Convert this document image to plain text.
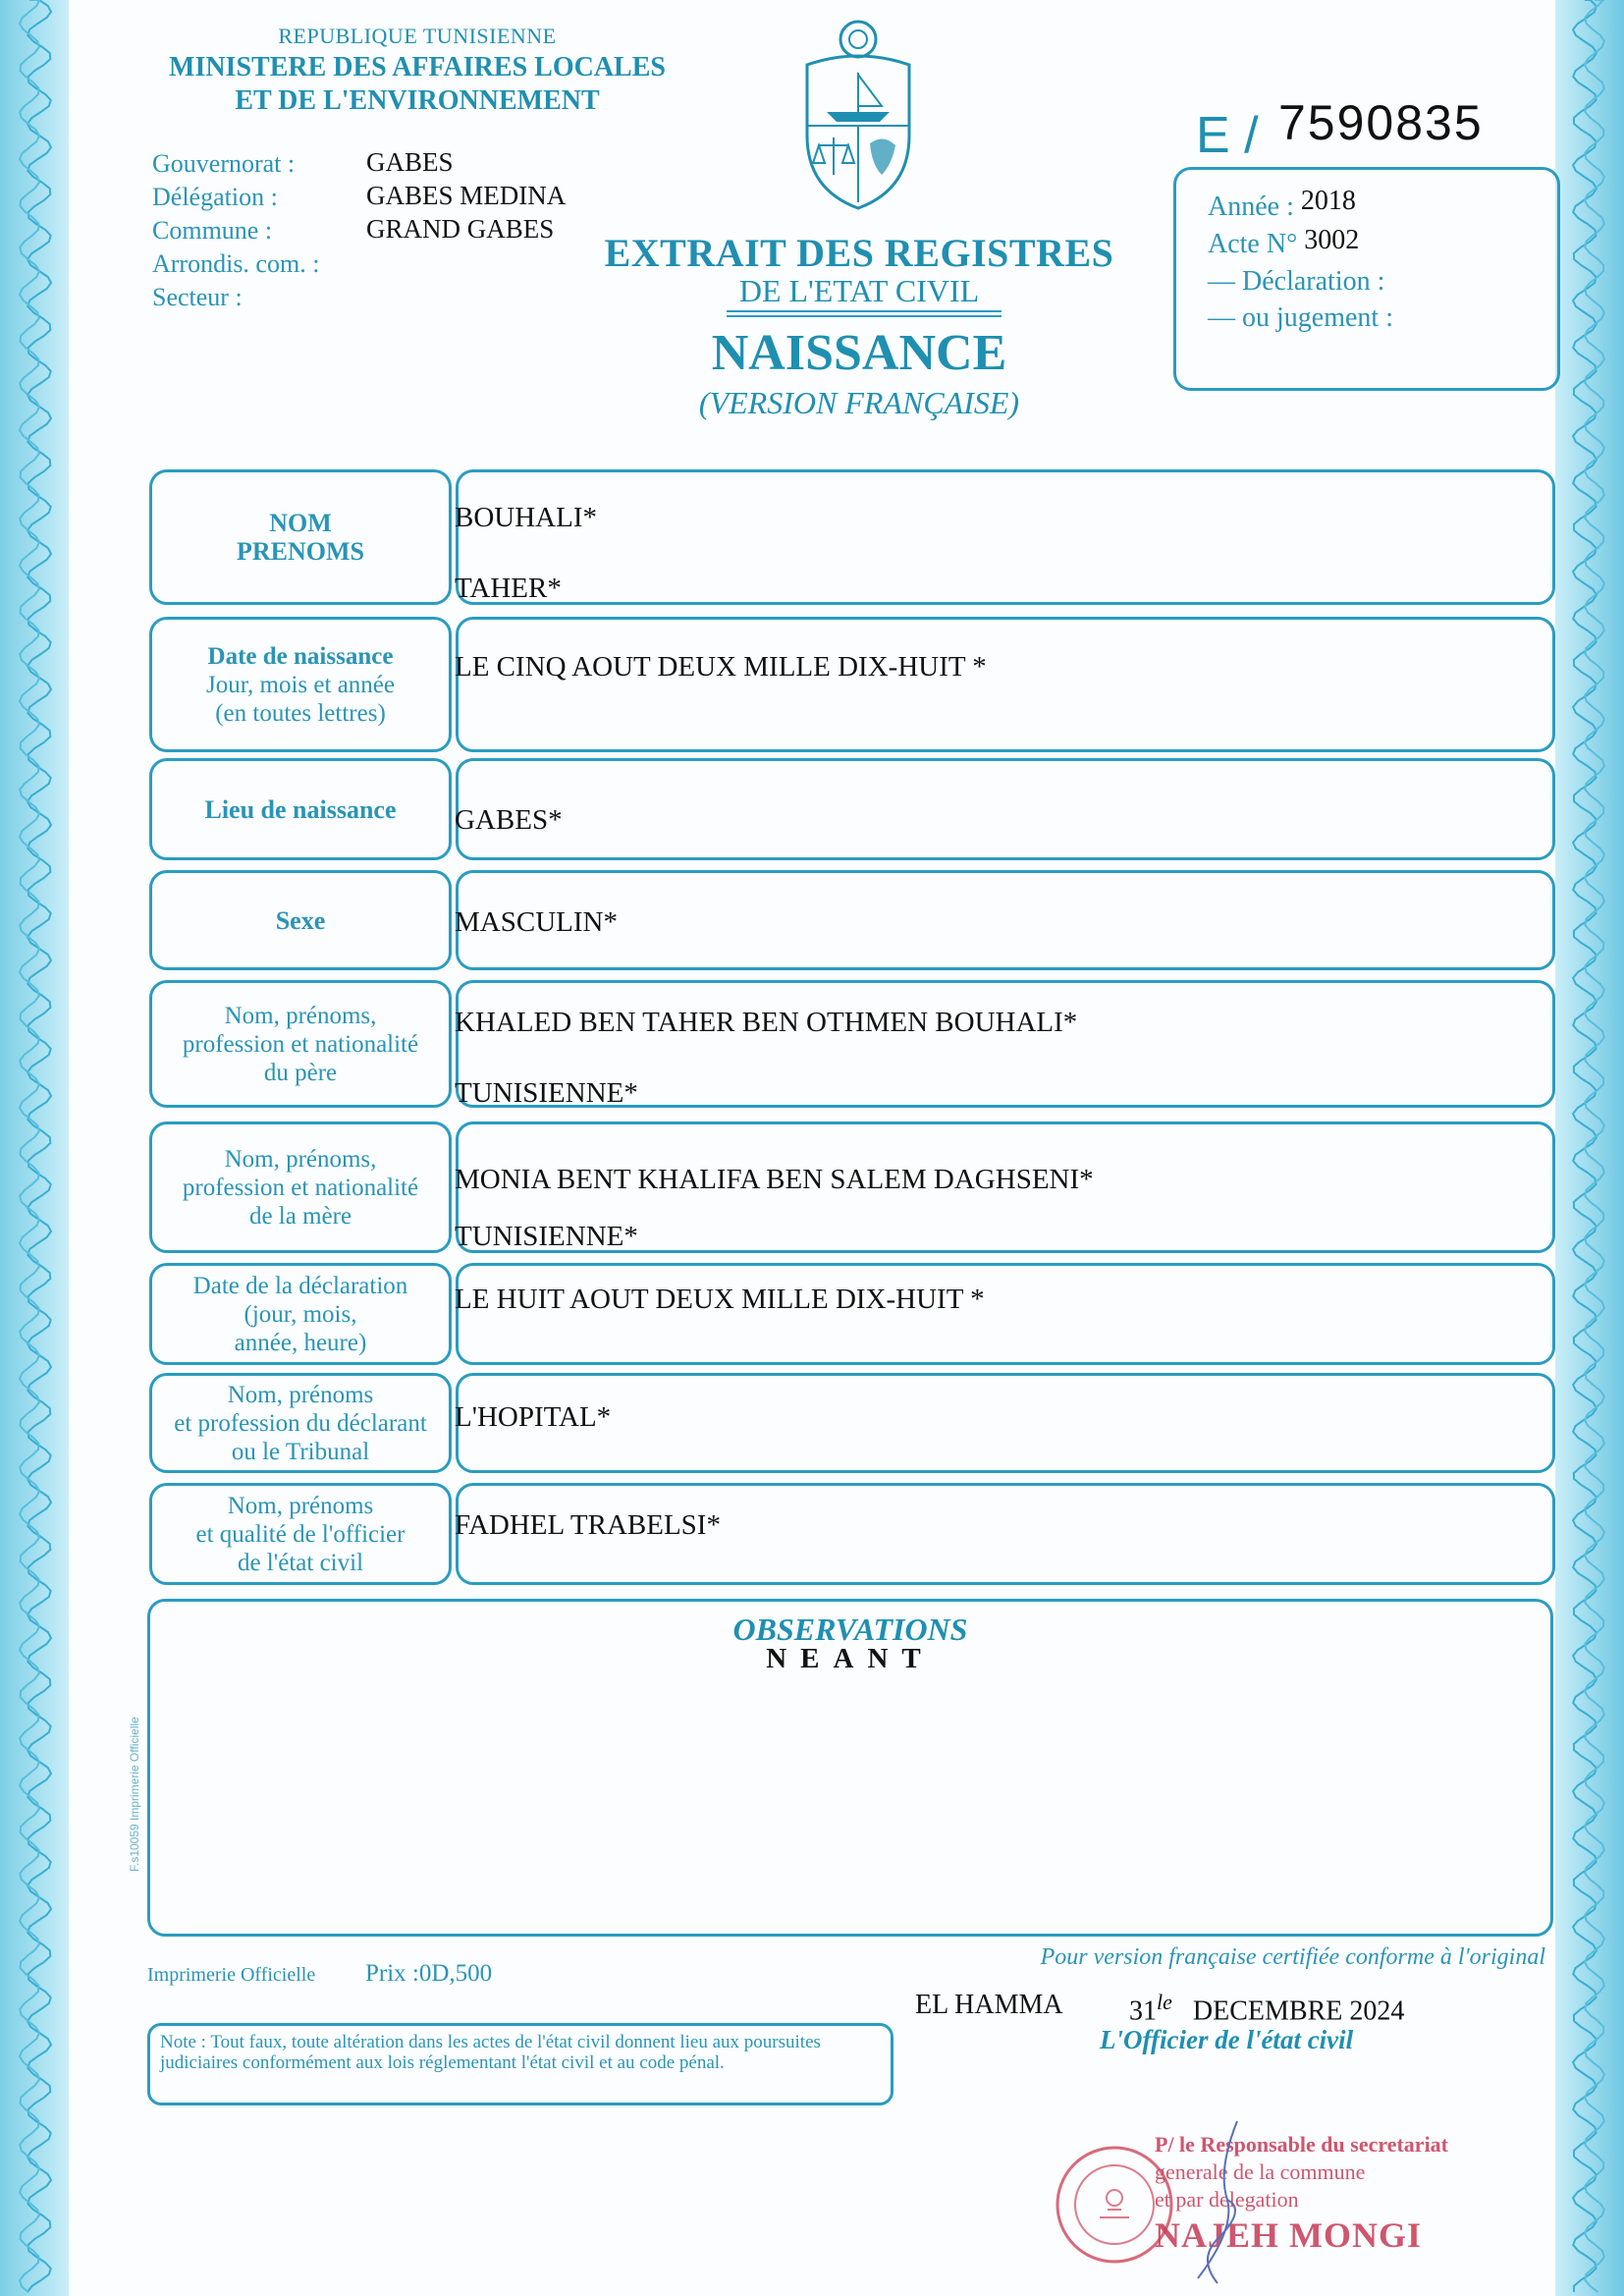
REPUBLIQUE TUNISIENNE
MINISTERE DES AFFAIRES LOCALES
ET DE L'ENVIRONNEMENT
Gouvernorat :
Délégation :
Commune :
Arrondis. com. :
Secteur :
GABES
GABES MEDINA
GRAND GABES
E / 7590835
Année : 2018
Acte N° 3002
— Déclaration :
— ou jugement :
EXTRAIT DES REGISTRES
DE L'ETAT CIVIL
NAISSANCE
(VERSION FRANÇAISE)
NOM
PRENOMS
BOUHALI*
TAHER*
Date de naissance
Jour, mois et année
(en toutes lettres)
LE CINQ AOUT DEUX MILLE DIX-HUIT *
Lieu de naissance GABES*
Sexe	MASCULIN*
Nom, prénoms,
profession et nationalité
du père
KHALED BEN TAHER BEN OTHMEN BOUHALI*
TUNISIENNE*
Nom, prénoms,
profession et nationalité
de la mère
MONIA BENT KHALIFA BEN SALEM DAGHSENI*
TUNISIENNE*
Date de la déclaration
(jour, mois,
année, heure)
LE HUIT AOUT DEUX MILLE DIX-HUIT *
Nom, prénoms
et profession du déclarant
ou le Tribunal
L'HOPITAL*
Nom, prénoms
et qualité de l'officier
de l'état civil
FADHEL TRABELSI*
OBSERVATIONS
NEANT
F.s10059 Imprimerie Officielle
Imprimerie Officielle Prix :0D,500
Pour version française certifiée conforme à l'original
EL HAMMA $31^{le}$ DECEMBRE 2024
L'Officier de l'état civil
Note : Tout faux, toute altération dans les actes de l'état civil donnent lieu aux poursuites judiciaires conformément aux lois réglementant l'état civil et au code pénal.
P/ le Responsable du secretariat
generale de la commune
et par delegation
NAJEH MONGI
